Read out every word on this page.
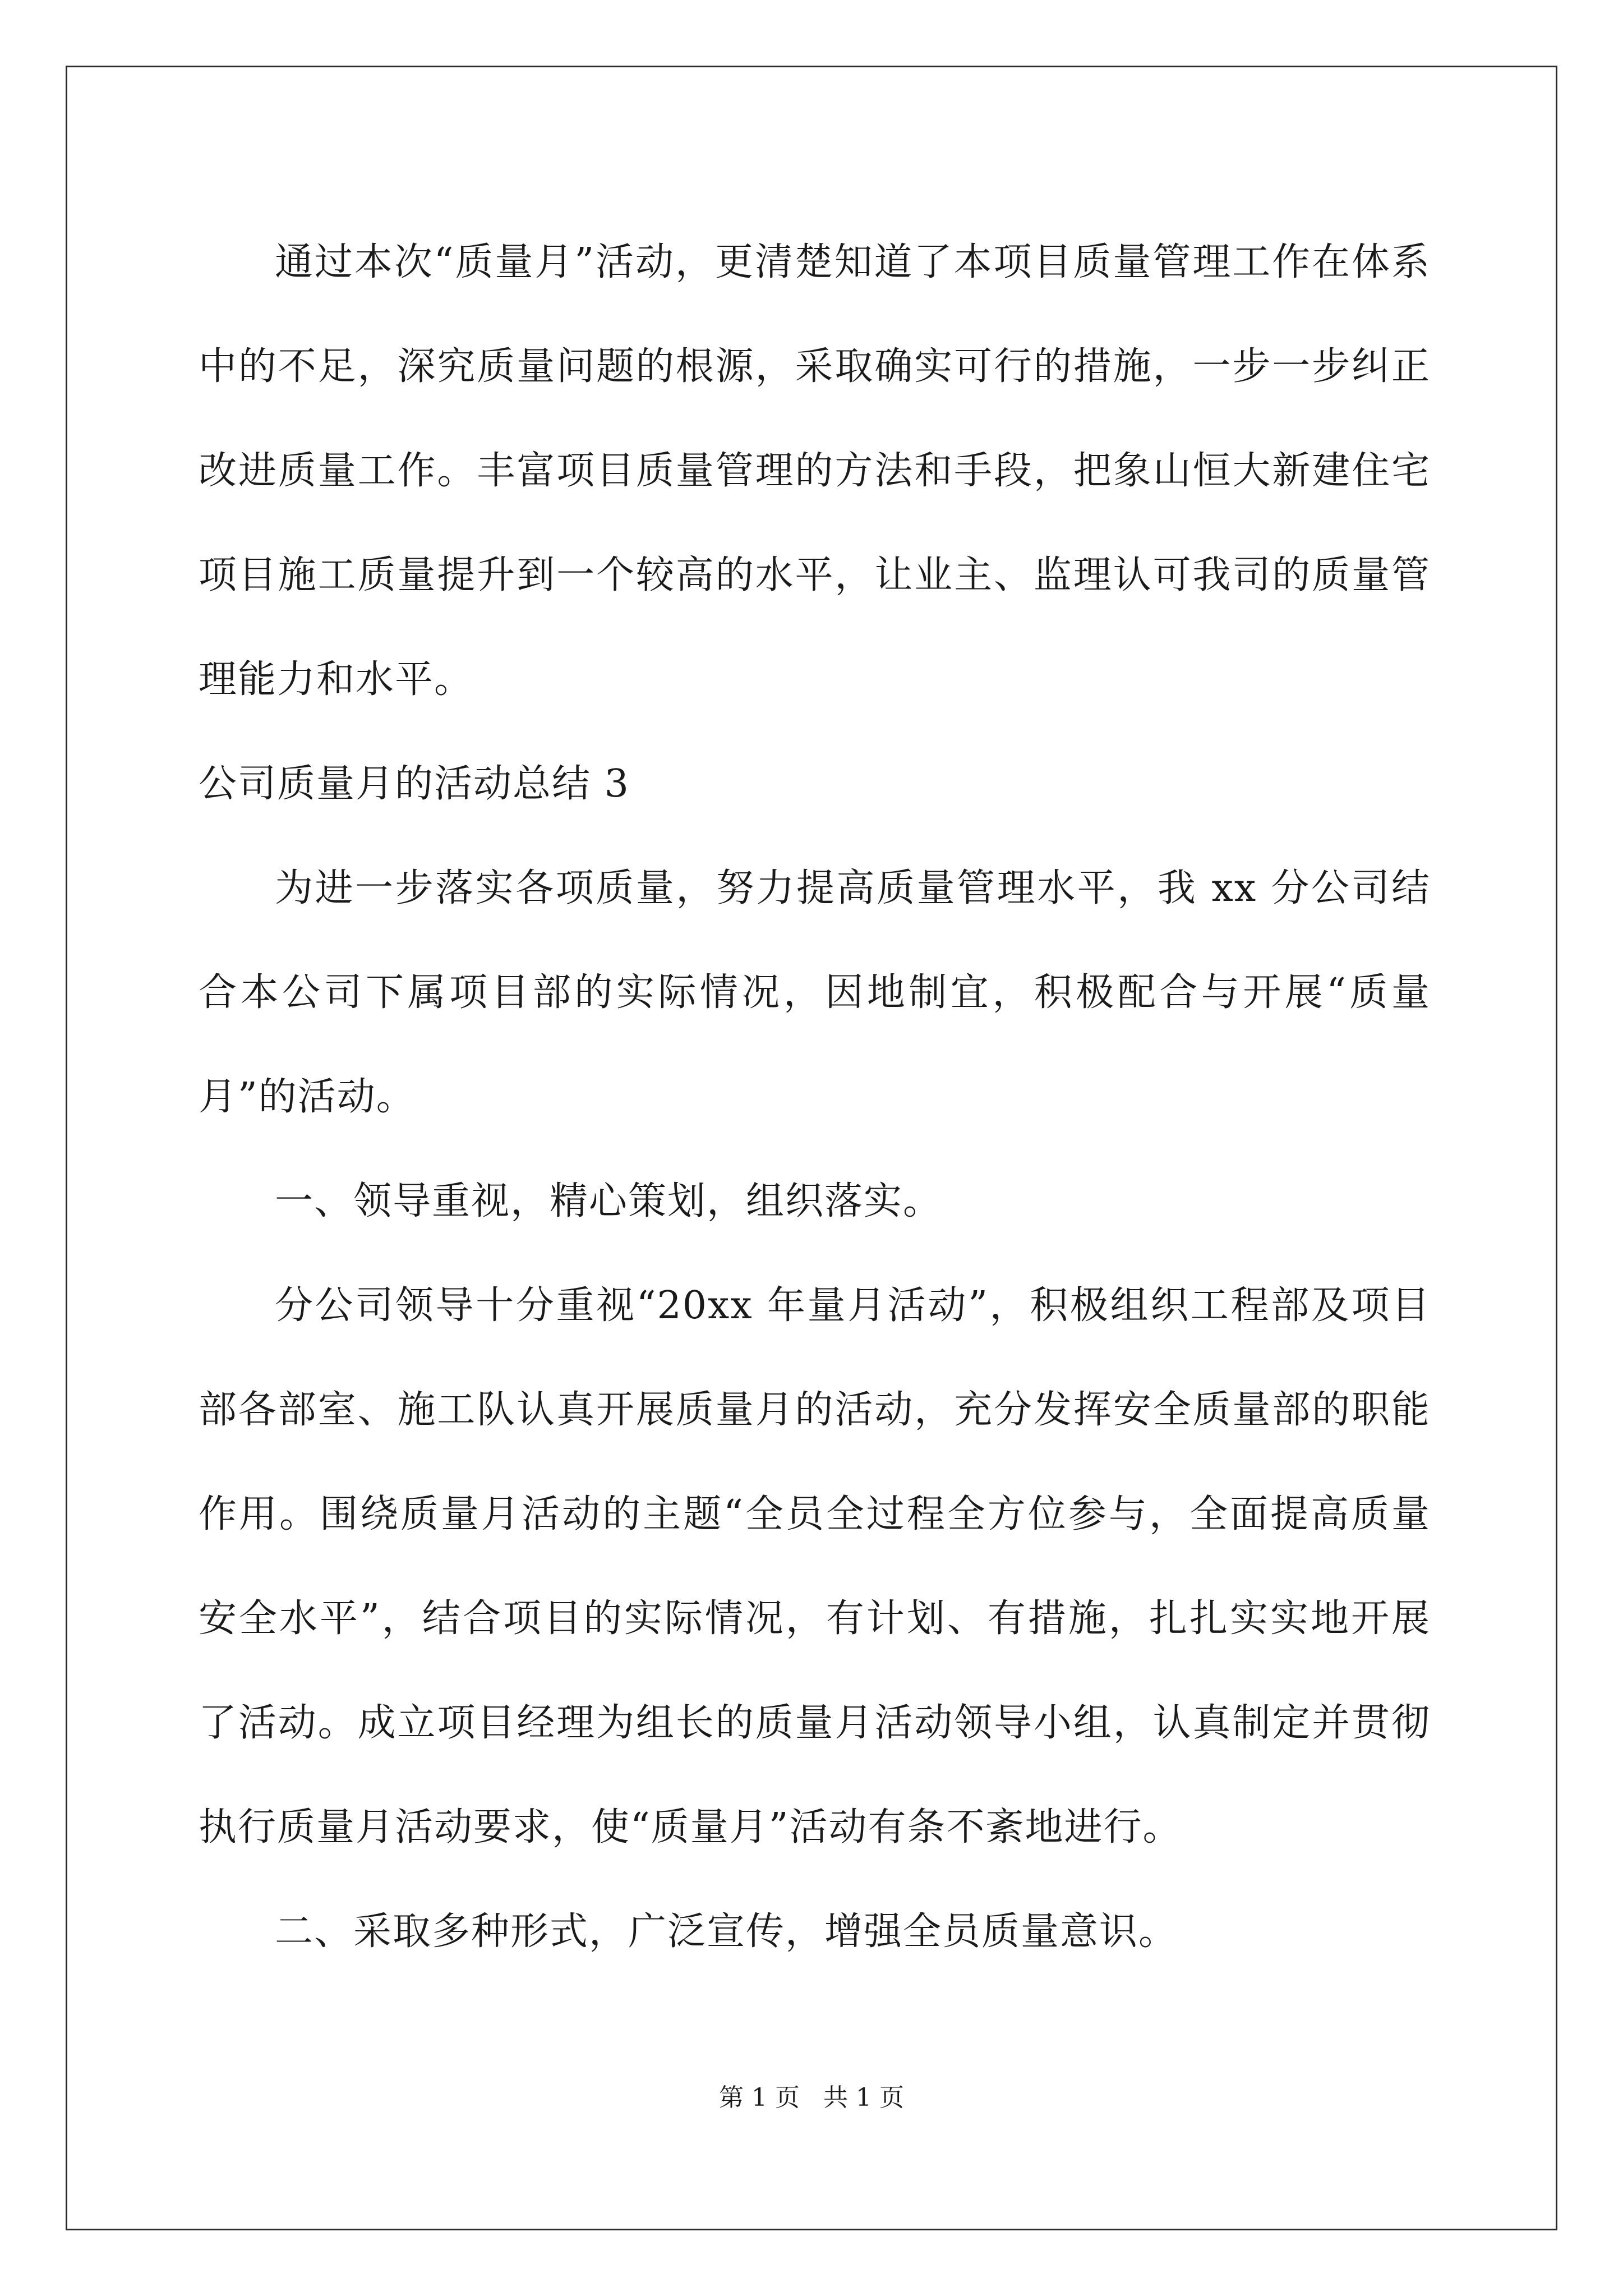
通过本次“质量月”活动，更清楚知道了本项目质量管理工作在体系中的不足，深究质量问题的根源，采取确实可行的措施，一步一步纠正改进质量工作。丰富项目质量管理的方法和手段，把象山恒大新建住宅项目施工质量提升到一个较高的水平，让业主、监理认可我司的质量管理能力和水平。

公司质量月的活动总结 3

为进一步落实各项质量，努力提高质量管理水平，我 xx 分公司结合本公司下属项目部的实际情况，因地制宜，积极配合与开展“质量月”的活动。

一、领导重视，精心策划，组织落实。

分公司领导十分重视“20xx 年量月活动”，积极组织工程部及项目部各部室、施工队认真开展质量月的活动，充分发挥安全质量部的职能作用。围绕质量月活动的主题“全员全过程全方位参与，全面提高质量安全水平”，结合项目的实际情况，有计划、有措施，扎扎实实地开展了活动。成立项目经理为组长的质量月活动领导小组，认真制定并贯彻执行质量月活动要求，使“质量月”活动有条不紊地进行。

二、采取多种形式，广泛宣传，增强全员质量意识。

第 1 页 共 1 页
